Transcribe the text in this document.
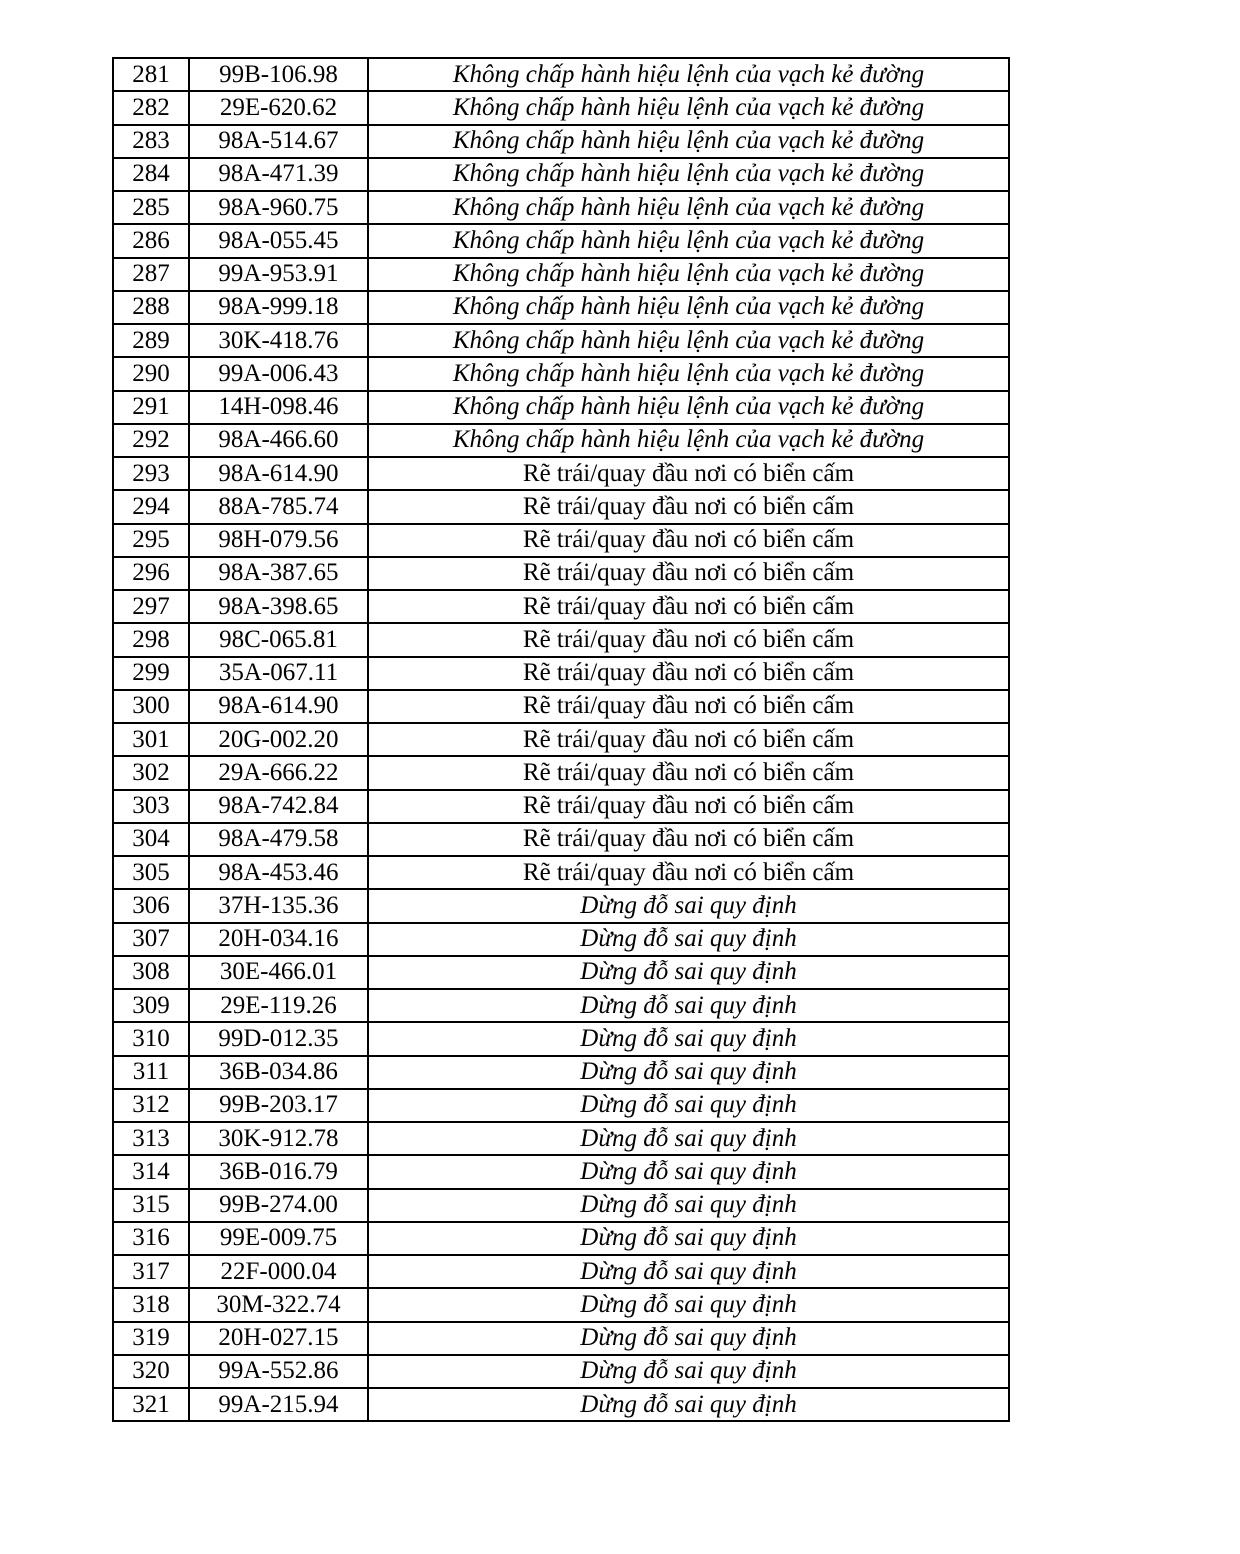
281	99B-106.98	Không chấp hành hiệu lệnh của vạch kẻ đường
282	29E-620.62	Không chấp hành hiệu lệnh của vạch kẻ đường
283	98A-514.67	Không chấp hành hiệu lệnh của vạch kẻ đường
284	98A-471.39	Không chấp hành hiệu lệnh của vạch kẻ đường
285	98A-960.75	Không chấp hành hiệu lệnh của vạch kẻ đường
286	98A-055.45	Không chấp hành hiệu lệnh của vạch kẻ đường
287	99A-953.91	Không chấp hành hiệu lệnh của vạch kẻ đường
288	98A-999.18	Không chấp hành hiệu lệnh của vạch kẻ đường
289	30K-418.76	Không chấp hành hiệu lệnh của vạch kẻ đường
290	99A-006.43	Không chấp hành hiệu lệnh của vạch kẻ đường
291	14H-098.46	Không chấp hành hiệu lệnh của vạch kẻ đường
292	98A-466.60	Không chấp hành hiệu lệnh của vạch kẻ đường
293	98A-614.90	Rẽ trái/quay đầu nơi có biển cấm
294	88A-785.74	Rẽ trái/quay đầu nơi có biển cấm
295	98H-079.56	Rẽ trái/quay đầu nơi có biển cấm
296	98A-387.65	Rẽ trái/quay đầu nơi có biển cấm
297	98A-398.65	Rẽ trái/quay đầu nơi có biển cấm
298	98C-065.81	Rẽ trái/quay đầu nơi có biển cấm
299	35A-067.11	Rẽ trái/quay đầu nơi có biển cấm
300	98A-614.90	Rẽ trái/quay đầu nơi có biển cấm
301	20G-002.20	Rẽ trái/quay đầu nơi có biển cấm
302	29A-666.22	Rẽ trái/quay đầu nơi có biển cấm
303	98A-742.84	Rẽ trái/quay đầu nơi có biển cấm
304	98A-479.58	Rẽ trái/quay đầu nơi có biển cấm
305	98A-453.46	Rẽ trái/quay đầu nơi có biển cấm
306	37H-135.36	Dừng đỗ sai quy định
307	20H-034.16	Dừng đỗ sai quy định
308	30E-466.01	Dừng đỗ sai quy định
309	29E-119.26	Dừng đỗ sai quy định
310	99D-012.35	Dừng đỗ sai quy định
311	36B-034.86	Dừng đỗ sai quy định
312	99B-203.17	Dừng đỗ sai quy định
313	30K-912.78	Dừng đỗ sai quy định
314	36B-016.79	Dừng đỗ sai quy định
315	99B-274.00	Dừng đỗ sai quy định
316	99E-009.75	Dừng đỗ sai quy định
317	22F-000.04	Dừng đỗ sai quy định
318	30M-322.74	Dừng đỗ sai quy định
319	20H-027.15	Dừng đỗ sai quy định
320	99A-552.86	Dừng đỗ sai quy định
321	99A-215.94	Dừng đỗ sai quy định
